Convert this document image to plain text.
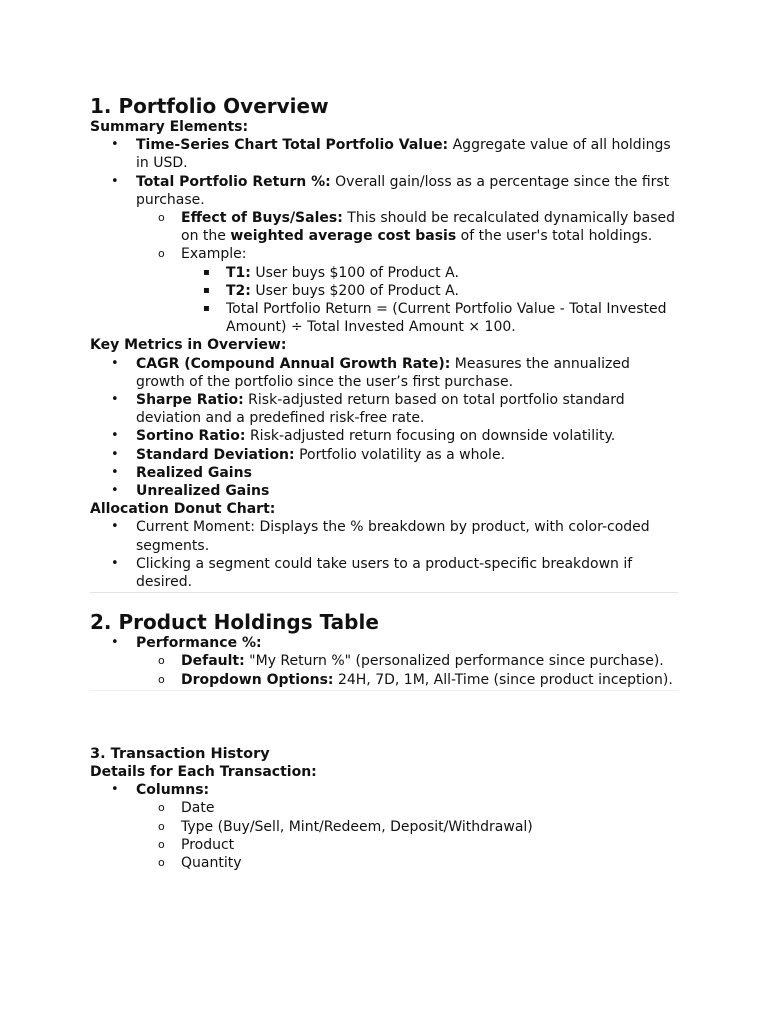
1. Portfolio Overview
Summary Elements:
• Time-Series Chart Total Portfolio Value: Aggregate value of all holdings in USD.
• Total Portfolio Return %: Overall gain/loss as a percentage since the first purchase.
o Effect of Buys/Sales: This should be recalculated dynamically based on the weighted average cost basis of the user's total holdings.
o Example:
▪ T1: User buys $100 of Product A.
▪ T2: User buys $200 of Product A.
▪ Total Portfolio Return = (Current Portfolio Value - Total Invested Amount) ÷ Total Invested Amount × 100.
Key Metrics in Overview:
• CAGR (Compound Annual Growth Rate): Measures the annualized growth of the portfolio since the user’s first purchase.
• Sharpe Ratio: Risk-adjusted return based on total portfolio standard deviation and a predefined risk-free rate.
• Sortino Ratio: Risk-adjusted return focusing on downside volatility.
• Standard Deviation: Portfolio volatility as a whole.
• Realized Gains
• Unrealized Gains
Allocation Donut Chart:
• Current Moment: Displays the % breakdown by product, with color-coded segments.
• Clicking a segment could take users to a product-specific breakdown if desired.
2. Product Holdings Table
• Performance %:
o Default: "My Return %" (personalized performance since purchase).
o Dropdown Options: 24H, 7D, 1M, All-Time (since product inception).
3. Transaction History
Details for Each Transaction:
• Columns:
o Date
o Type (Buy/Sell, Mint/Redeem, Deposit/Withdrawal)
o Product
o Quantity
